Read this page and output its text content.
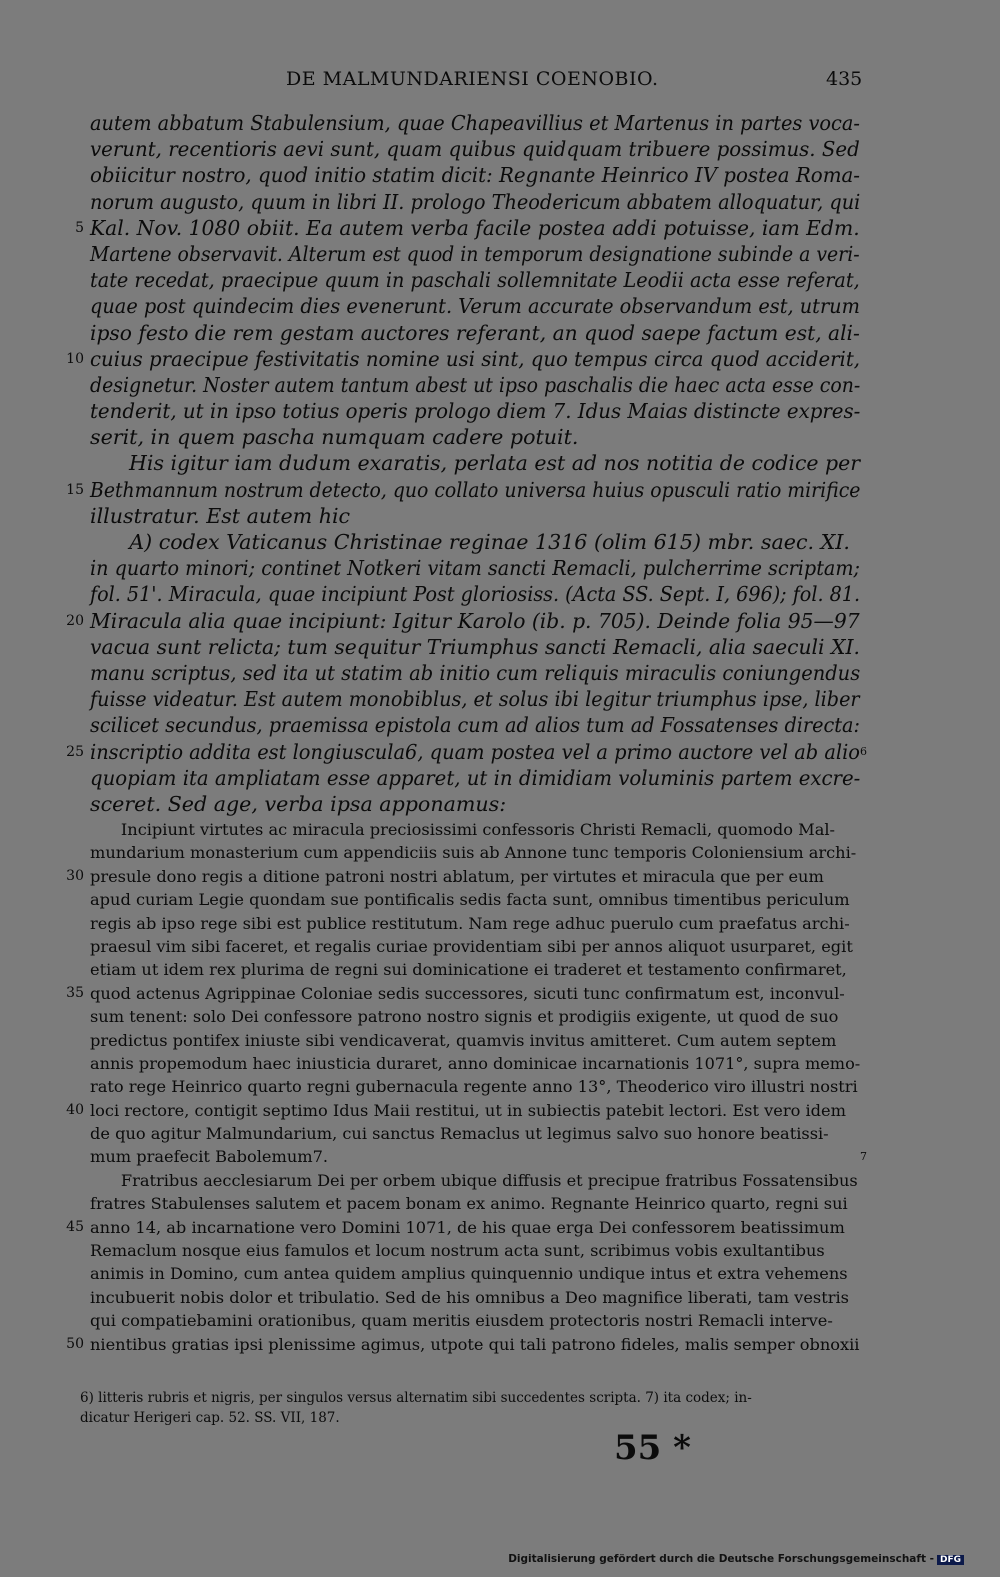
DE MALMUNDARIENSI COENOBIO.	435
autem abbatum Stabulensium, quae Chapeavillius et Martenus in partes voca-
verunt, recentioris aevi sunt, quam quibus quidquam tribuere possimus. Sed
obiicitur nostro, quod initio statim dicit: Regnante Heinrico IV postea Roma-
norum augusto, quum in libri II. prologo Theodericum abbatem alloquatur, qui
5 Kal. Nov. 1080 obiit. Ea autem verba facile postea addi potuisse, iam Edm.
Martene observavit. Alterum est quod in temporum designatione subinde a veri-
tate recedat, praecipue quum in paschali sollemnitate Leodii acta esse referat,
quae post quindecim dies evenerunt. Verum accurate observandum est, utrum
ipso festo die rem gestam auctores referant, an quod saepe factum est, ali-
10 cuius praecipue festivitatis nomine usi sint, quo tempus circa quod acciderit,
designetur. Noster autem tantum abest ut ipso paschalis die haec acta esse con-
tenderit, ut in ipso totius operis prologo diem 7. Idus Maias distincte expres-
serit, in quem pascha numquam cadere potuit.
His igitur iam dudum exaratis, perlata est ad nos notitia de codice per
15 Bethmannum nostrum detecto, quo collato universa huius opusculi ratio mirifice
illustratur. Est autem hic
A) codex Vaticanus Christinae reginae 1316 (olim 615) mbr. saec. XI.
in quarto minori; continet Notkeri vitam sancti Remacli, pulcherrime scriptam;
fol. 51'. Miracula, quae incipiunt Post gloriosiss. (Acta SS. Sept. I, 696); fol. 81.
20 Miracula alia quae incipiunt: Igitur Karolo (ib. p. 705). Deinde folia 95—97
vacua sunt relicta; tum sequitur Triumphus sancti Remacli, alia saeculi XI.
manu scriptus, sed ita ut statim ab initio cum reliquis miraculis coniungendus
fuisse videatur. Est autem monobiblus, et solus ibi legitur triumphus ipse, liber
scilicet secundus, praemissa epistola cum ad alios tum ad Fossatenses directa:
25 inscriptio addita est longiuscula6, quam postea vel a primo auctore vel ab alio 6
quopiam ita ampliatam esse apparet, ut in dimidiam voluminis partem excre-
sceret. Sed age, verba ipsa apponamus:
Incipiunt virtutes ac miracula preciosissimi confessoris Christi Remacli, quomodo Mal-
mundarium monasterium cum appendiciis suis ab Annone tunc temporis Coloniensium archi-
30 presule dono regis a ditione patroni nostri ablatum, per virtutes et miracula que per eum
apud curiam Legie quondam sue pontificalis sedis facta sunt, omnibus timentibus periculum
regis ab ipso rege sibi est publice restitutum. Nam rege adhuc puerulo cum praefatus archi-
praesul vim sibi faceret, et regalis curiae providentiam sibi per annos aliquot usurparet, egit
etiam ut idem rex plurima de regni sui dominicatione ei traderet et testamento confirmaret,
35 quod actenus Agrippinae Coloniae sedis successores, sicuti tunc confirmatum est, inconvul-
sum tenent: solo Dei confessore patrono nostro signis et prodigiis exigente, ut quod de suo
predictus pontifex iniuste sibi vendicaverat, quamvis invitus amitteret. Cum autem septem
annis propemodum haec iniusticia duraret, anno dominicae incarnationis 1071°, supra memo-
rato rege Heinrico quarto regni gubernacula regente anno 13°, Theoderico viro illustri nostri
40 loci rectore, contigit septimo Idus Maii restitui, ut in subiectis patebit lectori. Est vero idem
de quo agitur Malmundarium, cui sanctus Remaclus ut legimus salvo suo honore beatissi-
mum praefecit Babolemum7.	7
Fratribus aecclesiarum Dei per orbem ubique diffusis et precipue fratribus Fossatensibus
fratres Stabulenses salutem et pacem bonam ex animo. Regnante Heinrico quarto, regni sui
45 anno 14, ab incarnatione vero Domini 1071, de his quae erga Dei confessorem beatissimum
Remaclum nosque eius famulos et locum nostrum acta sunt, scribimus vobis exultantibus
animis in Domino, cum antea quidem amplius quinquennio undique intus et extra vehemens
incubuerit nobis dolor et tribulatio. Sed de his omnibus a Deo magnifice liberati, tam vestris
qui compatiebamini orationibus, quam meritis eiusdem protectoris nostri Remacli interve-
50 nientibus gratias ipsi plenissime agimus, utpote qui tali patrono fideles, malis semper obnoxii
6) litteris rubris et nigris, per singulos versus alternatim sibi succedentes scripta. 7) ita codex; in-
dicatur Herigeri cap. 52. SS. VII, 187.
55 *
Digitalisierung gefördert durch die Deutsche Forschungsgemeinschaft - DFG
